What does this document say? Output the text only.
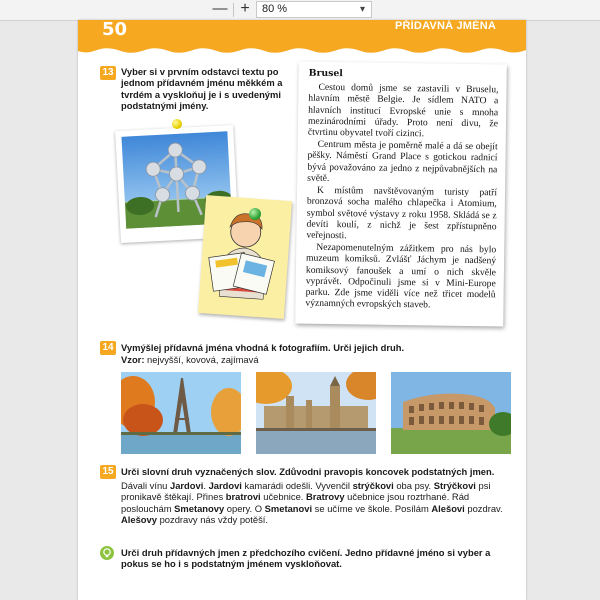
— +	80 %	▾
50	PŘÍDAVNÁ JMÉNA
13 Vyber si v prvním odstavci textu po jednom přídavném jménu měkkém a tvrdém a vyskloňuj je i s uvedenými podstatnými jmény.
Brusel
Cestou domů jsme se zastavili v Bruselu, hlavním městě Belgie. Je sídlem NATO a hlavních institucí Evropské unie s mnoha mezinárodními úřady. Proto není divu, že čtvrtinu obyvatel tvoří cizinci.
Centrum města je poměrně malé a dá se obejít pěšky. Náměstí Grand Place s gotickou radnicí bývá považováno za jedno z nejpůvabnějších na světě.
K místům navštěvovaným turisty patří bronzová socha malého chlapečka i Atomium, symbol světové výstavy z roku 1958. Skládá se z devíti koulí, z nichž je šest zpřístupněno veřejnosti.
Nezapomenutelným zážitkem pro nás bylo muzeum komiksů. Zvlášť Jáchym je nadšený komiksový fanoušek a umí o nich skvěle vyprávět. Odpočinuli jsme si v Mini-Europe parku. Zde jsme viděli více než třicet modelů významných evropských staveb.
14 Vymýšlej přídavná jména vhodná k fotografiím. Urči jejich druh.
Vzor: nejvyšší, kovová, zajímavá
15 Urči slovní druh vyznačených slov. Zdůvodni pravopis koncovek podstatných jmen.
Dávali vínu Jardovi. Jardovi kamarádi odešli. Vyvenčil strýčkovi oba psy. Strýčkovi psi pronikavě štěkají. Přines bratrovi učebnice. Bratrovy učebnice jsou roztrhané. Rád poslouchám Smetanovy opery. O Smetanovi se učíme ve škole. Posílám Alešovi pozdrav. Alešovy pozdravy nás vždy potěší.
Urči druh přídavných jmen z předchozího cvičení. Jedno přídavné jméno si vyber a pokus se ho i s podstatným jménem vyskloňovat.
